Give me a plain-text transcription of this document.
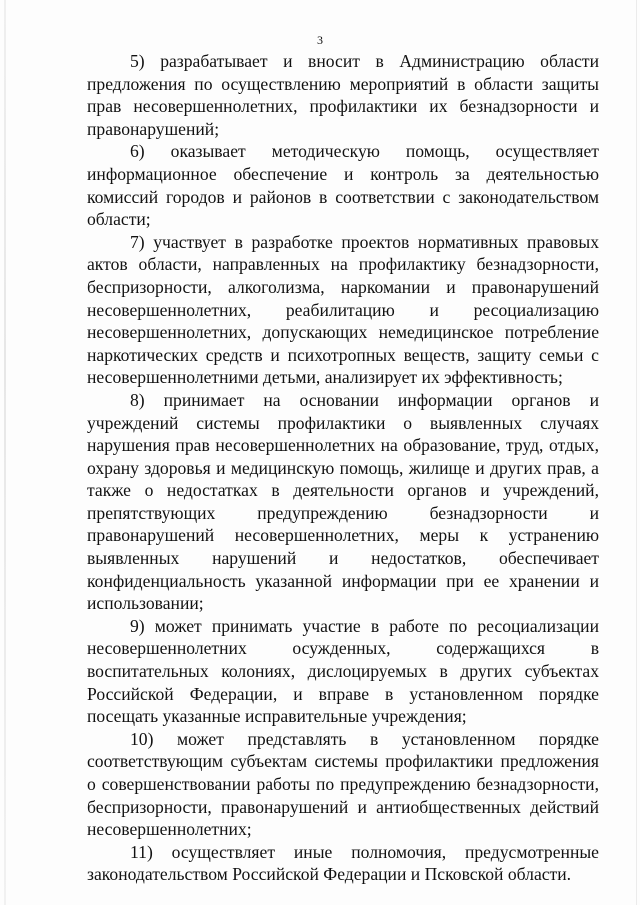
3

5) разрабатывает и вносит в Администрацию области предложения по осуществлению мероприятий в области защиты прав несовершеннолетних, профилактики их безнадзорности и правонарушений;

6) оказывает методическую помощь, осуществляет информационное обеспечение и контроль за деятельностью комиссий городов и районов в соответствии с законодательством области;

7) участвует в разработке проектов нормативных правовых актов области, направленных на профилактику безнадзорности, беспризорности, алкоголизма, наркомании и правонарушений несовершеннолетних, реабилитацию и ресоциализацию несовершеннолетних, допускающих немедицинское потребление наркотических средств и психотропных веществ, защиту семьи с несовершеннолетними детьми, анализирует их эффективность;

8) принимает на основании информации органов и учреждений системы профилактики о выявленных случаях нарушения прав несовершеннолетних на образование, труд, отдых, охрану здоровья и медицинскую помощь, жилище и других прав, а также о недостатках в деятельности органов и учреждений, препятствующих предупреждению безнадзорности и правонарушений несовершеннолетних, меры к устранению выявленных нарушений и недостатков, обеспечивает конфиденциальность указанной информации при ее хранении и использовании;

9) может принимать участие в работе по ресоциализации несовершеннолетних осужденных, содержащихся в воспитательных колониях, дислоцируемых в других субъектах Российской Федерации, и вправе в установленном порядке посещать указанные исправительные учреждения;

10) может представлять в установленном порядке соответствующим субъектам системы профилактики предложения о совершенствовании работы по предупреждению безнадзорности, беспризорности, правонарушений и антиобщественных действий несовершеннолетних;

11) осуществляет иные полномочия, предусмотренные законодательством Российской Федерации и Псковской области.
